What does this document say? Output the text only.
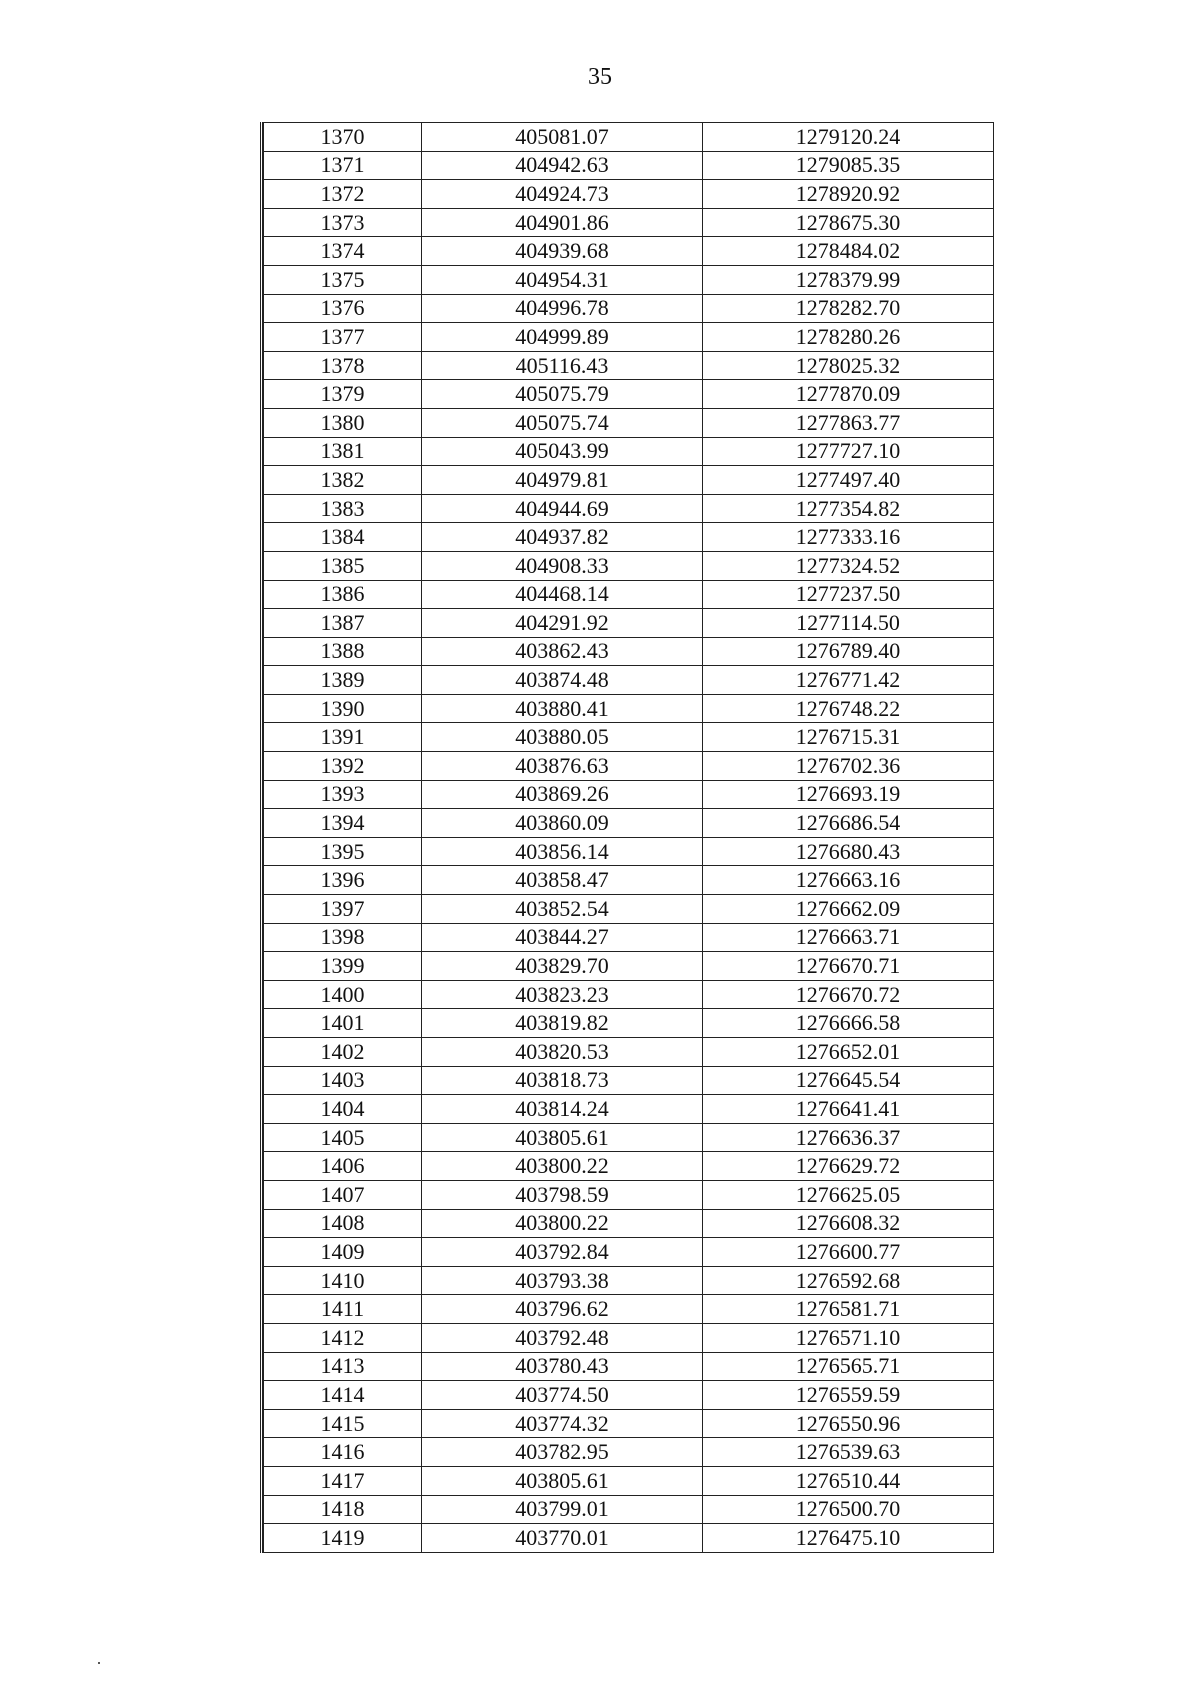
35
1370	405081.07	1279120.24
1371	404942.63	1279085.35
1372	404924.73	1278920.92
1373	404901.86	1278675.30
1374	404939.68	1278484.02
1375	404954.31	1278379.99
1376	404996.78	1278282.70
1377	404999.89	1278280.26
1378	405116.43	1278025.32
1379	405075.79	1277870.09
1380	405075.74	1277863.77
1381	405043.99	1277727.10
1382	404979.81	1277497.40
1383	404944.69	1277354.82
1384	404937.82	1277333.16
1385	404908.33	1277324.52
1386	404468.14	1277237.50
1387	404291.92	1277114.50
1388	403862.43	1276789.40
1389	403874.48	1276771.42
1390	403880.41	1276748.22
1391	403880.05	1276715.31
1392	403876.63	1276702.36
1393	403869.26	1276693.19
1394	403860.09	1276686.54
1395	403856.14	1276680.43
1396	403858.47	1276663.16
1397	403852.54	1276662.09
1398	403844.27	1276663.71
1399	403829.70	1276670.71
1400	403823.23	1276670.72
1401	403819.82	1276666.58
1402	403820.53	1276652.01
1403	403818.73	1276645.54
1404	403814.24	1276641.41
1405	403805.61	1276636.37
1406	403800.22	1276629.72
1407	403798.59	1276625.05
1408	403800.22	1276608.32
1409	403792.84	1276600.77
1410	403793.38	1276592.68
1411	403796.62	1276581.71
1412	403792.48	1276571.10
1413	403780.43	1276565.71
1414	403774.50	1276559.59
1415	403774.32	1276550.96
1416	403782.95	1276539.63
1417	403805.61	1276510.44
1418	403799.01	1276500.70
1419	403770.01	1276475.10
